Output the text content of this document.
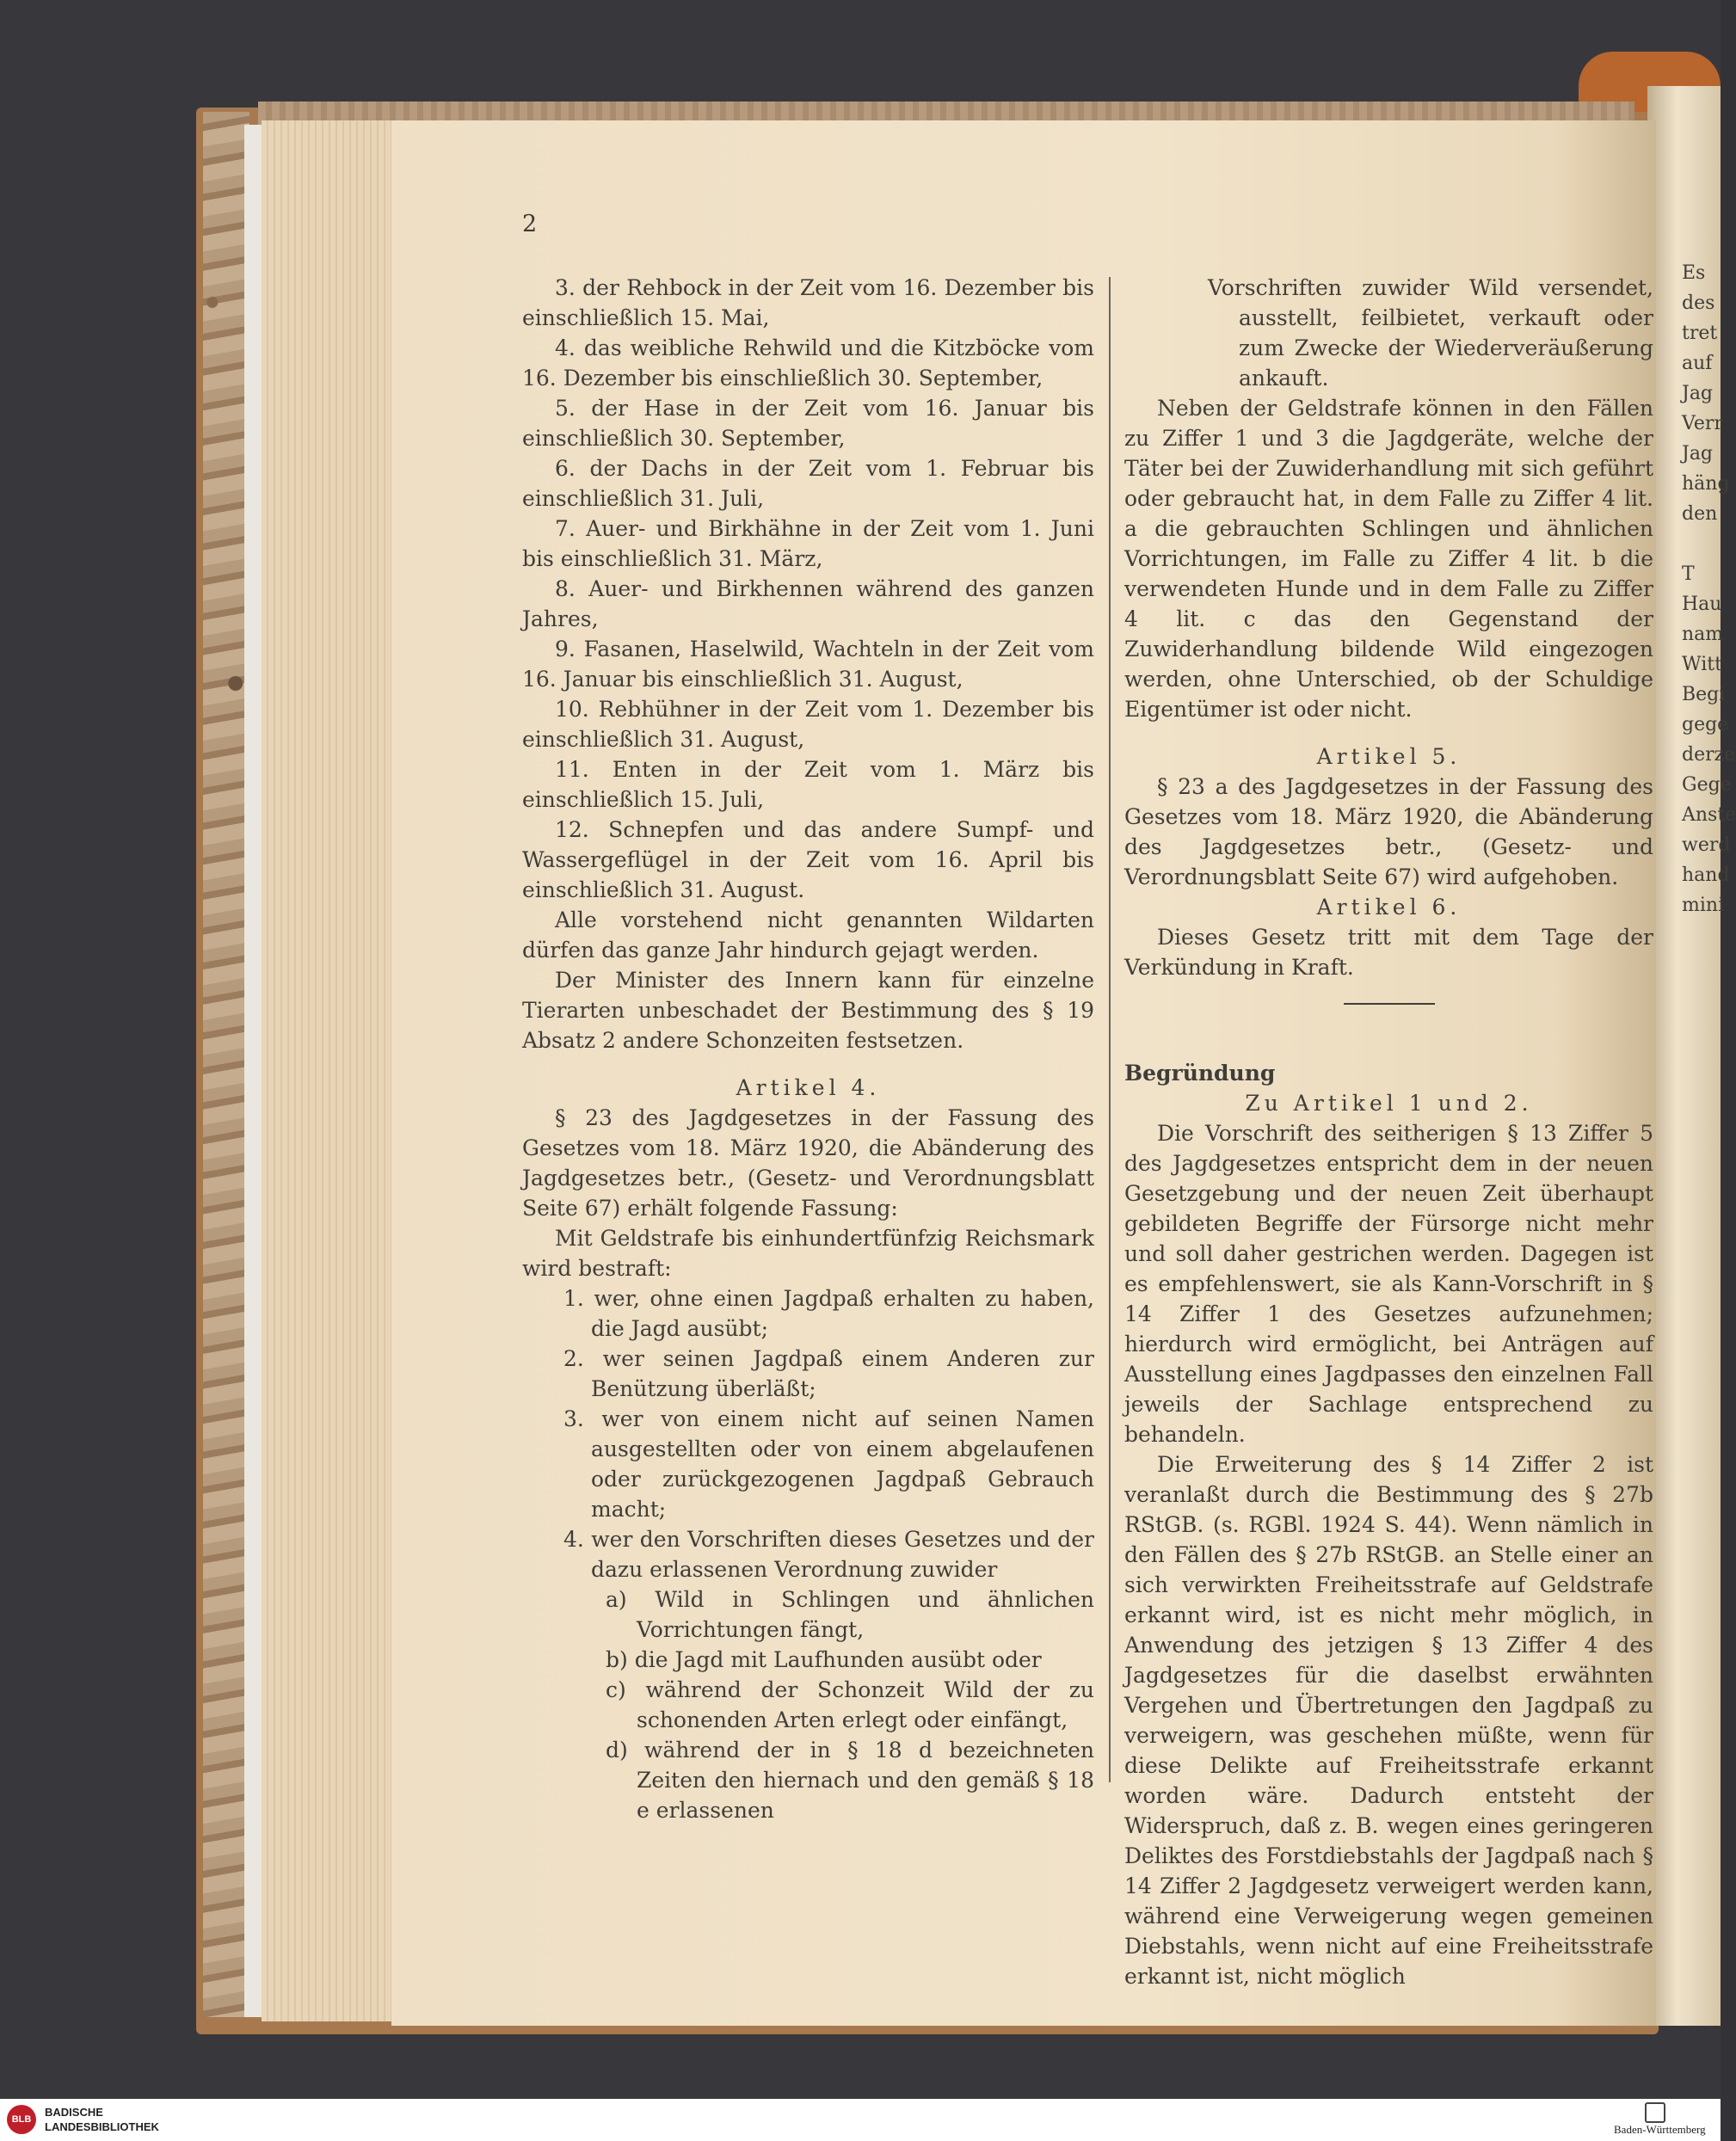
2

3. der Rehbock in der Zeit vom 16. Dezember bis einschließlich 15. Mai,

4. das weibliche Rehwild und die Kitzböcke vom 16. Dezember bis einschließlich 30. September,

5. der Hase in der Zeit vom 16. Januar bis einschließlich 30. September,

6. der Dachs in der Zeit vom 1. Februar bis einschließlich 31. Juli,

7. Auer- und Birkhähne in der Zeit vom 1. Juni bis einschließlich 31. März,

8. Auer- und Birkhennen während des ganzen Jahres,

9. Fasanen, Haselwild, Wachteln in der Zeit vom 16. Januar bis einschließlich 31. August,

10. Rebhühner in der Zeit vom 1. Dezember bis einschließlich 31. August,

11. Enten in der Zeit vom 1. März bis einschließlich 15. Juli,

12. Schnepfen und das andere Sumpf- und Wassergeflügel in der Zeit vom 16. April bis einschließlich 31. August.

Alle vorstehend nicht genannten Wildarten dürfen das ganze Jahr hindurch gejagt werden.

Der Minister des Innern kann für einzelne Tierarten unbeschadet der Bestimmung des § 19 Absatz 2 andere Schonzeiten festsetzen.

Artikel 4.

§ 23 des Jagdgesetzes in der Fassung des Gesetzes vom 18. März 1920, die Abänderung des Jagdgesetzes betr., (Gesetz- und Verordnungsblatt Seite 67) erhält folgende Fassung:

Mit Geldstrafe bis einhundertfünfzig Reichsmark wird bestraft:

1. wer, ohne einen Jagdpaß erhalten zu haben, die Jagd ausübt;

2. wer seinen Jagdpaß einem Anderen zur Benützung überläßt;

3. wer von einem nicht auf seinen Namen ausgestellten oder von einem abgelaufenen oder zurückgezogenen Jagdpaß Gebrauch macht;

4. wer den Vorschriften dieses Gesetzes und der dazu erlassenen Verordnung zuwider

a) Wild in Schlingen und ähnlichen Vorrichtungen fängt,

b) die Jagd mit Laufhunden ausübt oder

c) während der Schonzeit Wild der zu schonenden Arten erlegt oder einfängt,

d) während der in § 18 d bezeichneten Zeiten den hiernach und den gemäß § 18 e erlassenen

Vorschriften zuwider Wild versendet, ausstellt, feilbietet, verkauft oder zum Zwecke der Wiederveräußerung ankauft.

Neben der Geldstrafe können in den Fällen zu Ziffer 1 und 3 die Jagdgeräte, welche der Täter bei der Zuwiderhandlung mit sich geführt oder gebraucht hat, in dem Falle zu Ziffer 4 lit. a die gebrauchten Schlingen und ähnlichen Vorrichtungen, im Falle zu Ziffer 4 lit. b die verwendeten Hunde und in dem Falle zu Ziffer 4 lit. c das den Gegenstand der Zuwiderhandlung bildende Wild eingezogen werden, ohne Unterschied, ob der Schuldige Eigentümer ist oder nicht.

Artikel 5.

§ 23 a des Jagdgesetzes in der Fassung des Gesetzes vom 18. März 1920, die Abänderung des Jagdgesetzes betr., (Gesetz- und Verordnungsblatt Seite 67) wird aufgehoben.

Artikel 6.

Dieses Gesetz tritt mit dem Tage der Verkündung in Kraft.

Begründung

Zu Artikel 1 und 2.

Die Vorschrift des seitherigen § 13 Ziffer 5 des Jagdgesetzes entspricht dem in der neuen Gesetzgebung und der neuen Zeit überhaupt gebildeten Begriffe der Fürsorge nicht mehr und soll daher gestrichen werden. Dagegen ist es empfehlenswert, sie als Kann-Vorschrift in § 14 Ziffer 1 des Gesetzes aufzunehmen; hierdurch wird ermöglicht, bei Anträgen auf Ausstellung eines Jagdpasses den einzelnen Fall jeweils der Sachlage entsprechend zu behandeln.

Die Erweiterung des § 14 Ziffer 2 ist veranlaßt durch die Bestimmung des § 27b RStGB. (s. RGBl. 1924 S. 44). Wenn nämlich in den Fällen des § 27b RStGB. an Stelle einer an sich verwirkten Freiheitsstrafe auf Geldstrafe erkannt wird, ist es nicht mehr möglich, in Anwendung des jetzigen § 13 Ziffer 4 des Jagdgesetzes für die daselbst erwähnten Vergehen und Übertretungen den Jagdpaß zu verweigern, was geschehen müßte, wenn für diese Delikte auf Freiheitsstrafe erkannt worden wäre. Dadurch entsteht der Widerspruch, daß z. B. wegen eines geringeren Deliktes des Forstdiebstahls der Jagdpaß nach § 14 Ziffer 2 Jagdgesetz verweigert werden kann, während eine Verweigerung wegen gemeinen Diebstahls, wenn nicht auf eine Freiheitsstrafe erkannt ist, nicht möglich

Es
des
tret
auf
Jag
Verr
Jag
häng
den
T
Hau
nam
Witt
Begi
gege
derze
Gege
Anste
werd
hand
mini
BLB
BADISCHE
LANDESBIBLIOTHEK	Baden-Württemberg
